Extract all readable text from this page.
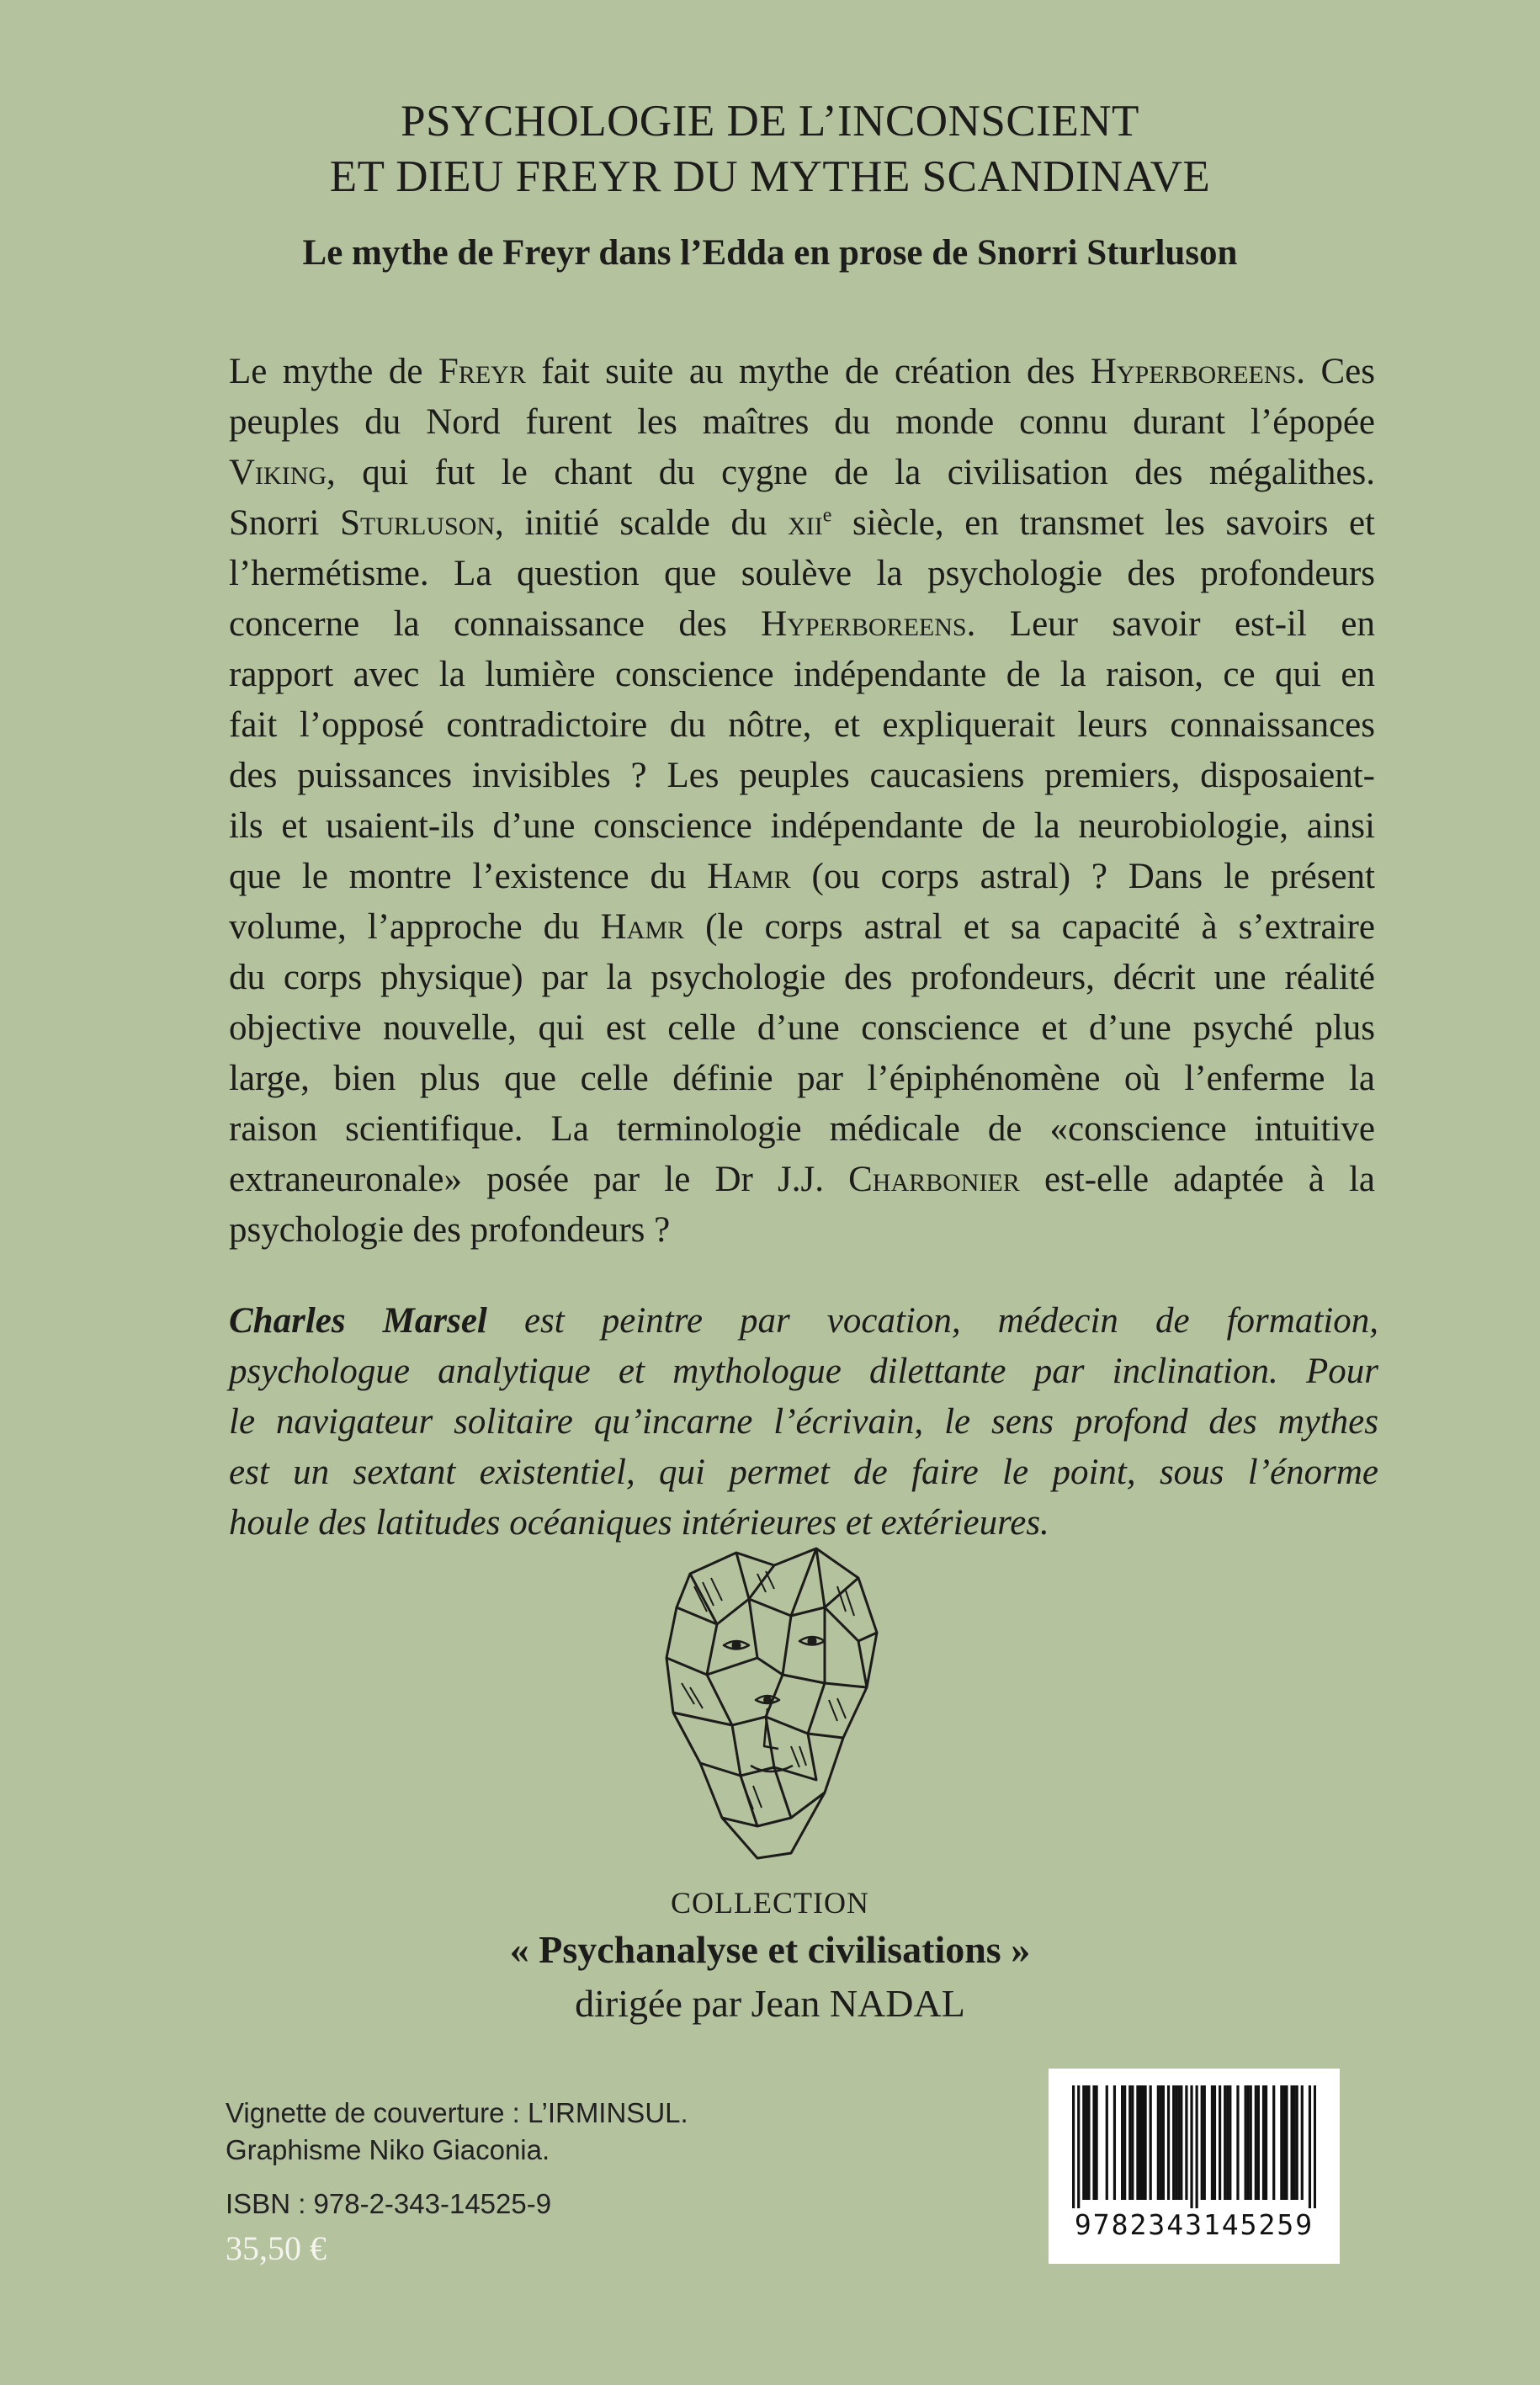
PSYCHOLOGIE DE L’INCONSCIENT
ET DIEU FREYR DU MYTHE SCANDINAVE
Le mythe de Freyr dans l’Edda en prose de Snorri Sturluson
Le mythe de Freyr fait suite au mythe de création des Hyperboreens. Ces
peuples du Nord furent les maîtres du monde connu durant l’épopée
Viking, qui fut le chant du cygne de la civilisation des mégalithes.
Snorri Sturluson, initié scalde du xii$^e$ siècle, en transmet les savoirs et
l’hermétisme. La question que soulève la psychologie des profondeurs
concerne la connaissance des Hyperboreens. Leur savoir est-il en
rapport avec la lumière conscience indépendante de la raison, ce qui en
fait l’opposé contradictoire du nôtre, et expliquerait leurs connaissances
des puissances invisibles ? Les peuples caucasiens premiers, disposaient-
ils et usaient-ils d’une conscience indépendante de la neurobiologie, ainsi
que le montre l’existence du Hamr (ou corps astral) ? Dans le présent
volume, l’approche du Hamr (le corps astral et sa capacité à s’extraire
du corps physique) par la psychologie des profondeurs, décrit une réalité
objective nouvelle, qui est celle d’une conscience et d’une psyché plus
large, bien plus que celle définie par l’épiphénomène où l’enferme la
raison scientifique. La terminologie médicale de «conscience intuitive
extraneuronale» posée par le Dr J.J. Charbonier est-elle adaptée à la
psychologie des profondeurs ?
Charles Marsel est peintre par vocation, médecin de formation,
psychologue analytique et mythologue dilettante par inclination. Pour
le navigateur solitaire qu’incarne l’écrivain, le sens profond des mythes
est un sextant existentiel, qui permet de faire le point, sous l’énorme
houle des latitudes océaniques intérieures et extérieures.
COLLECTION
« Psychanalyse et civilisations »
dirigée par Jean NADAL
Vignette de couverture : L’IRMINSUL.
Graphisme Niko Giaconia.
ISBN : 978-2-343-14525-9
35,50 €
9782343145259
